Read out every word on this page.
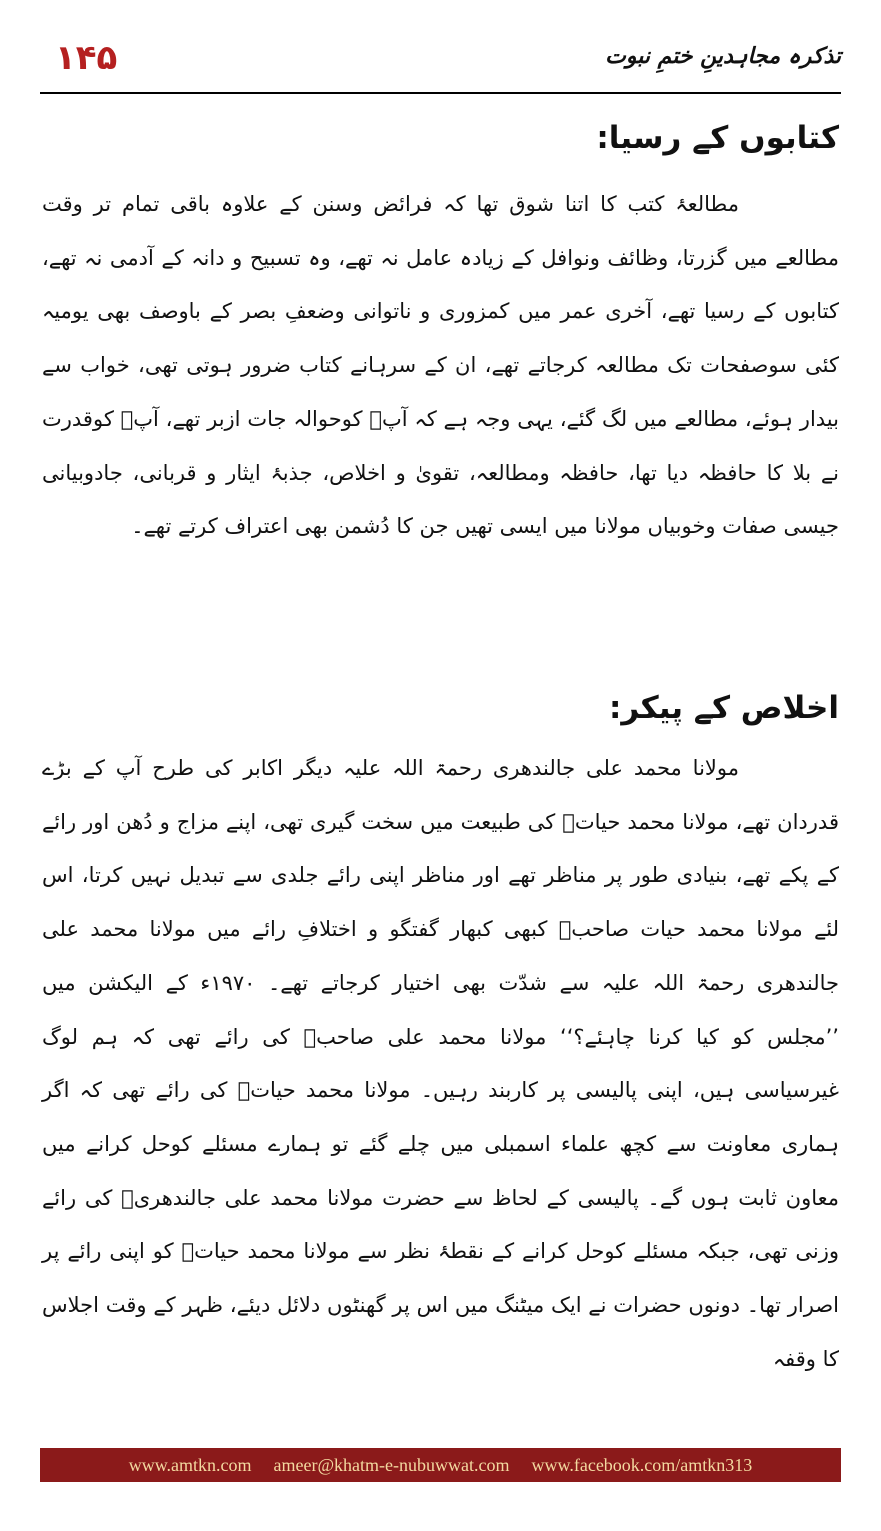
١۴۵	تذکرہ مجاہدینِ ختمِ نبوت
کتابوں کے رسیا:
مطالعۂ کتب کا اتنا شوق تھا کہ فرائض وسنن کے علاوہ باقی تمام تر وقت مطالعے میں گزرتا، وظائف ونوافل کے زیادہ عامل نہ تھے، وہ تسبیح و دانہ کے آدمی نہ تھے، کتابوں کے رسیا تھے، آخری عمر میں کمزوری و ناتوانی وضعفِ بصر کے باوصف بھی یومیہ کئی سوصفحات تک مطالعہ کرجاتے تھے، ان کے سرہانے کتاب ضرور ہوتی تھی، خواب سے بیدار ہوئے، مطالعے میں لگ گئے، یہی وجہ ہے کہ آپؒ کوحوالہ جات ازبر تھے، آپؒ کوقدرت نے بلا کا حافظہ دیا تھا، حافظہ ومطالعہ، تقویٰ و اخلاص، جذبۂ ایثار و قربانی، جادوبیانی جیسی صفات وخوبیاں مولانا میں ایسی تھیں جن کا دُشمن بھی اعتراف کرتے تھے۔
اخلاص کے پیکر:
مولانا محمد علی جالندھری رحمۃ اللہ علیہ دیگر اکابر کی طرح آپ کے بڑے قدردان تھے، مولانا محمد حیاتؒ کی طبیعت میں سخت گیری تھی، اپنے مزاج و دُھن اور رائے کے پکے تھے، بنیادی طور پر مناظر تھے اور مناظر اپنی رائے جلدی سے تبدیل نہیں کرتا، اس لئے مولانا محمد حیات صاحبؒ کبھی کبھار گفتگو و اختلافِ رائے میں مولانا محمد علی جالندھری رحمۃ اللہ علیہ سے شدّت بھی اختیار کرجاتے تھے۔ ۱۹۷۰ء کے الیکشن میں ’’مجلس کو کیا کرنا چاہئے؟‘‘ مولانا محمد علی صاحبؒ کی رائے تھی کہ ہم لوگ غیرسیاسی ہیں، اپنی پالیسی پر کاربند رہیں۔ مولانا محمد حیاتؒ کی رائے تھی کہ اگر ہماری معاونت سے کچھ علماء اسمبلی میں چلے گئے تو ہمارے مسئلے کوحل کرانے میں معاون ثابت ہوں گے۔ پالیسی کے لحاظ سے حضرت مولانا محمد علی جالندھریؒ کی رائے وزنی تھی، جبکہ مسئلے کوحل کرانے کے نقطۂ نظر سے مولانا محمد حیاتؒ کو اپنی رائے پر اصرار تھا۔ دونوں حضرات نے ایک میٹنگ میں اس پر گھنٹوں دلائل دیئے، ظہر کے وقت اجلاس کا وقفہ
www.amtkn.com ameer@khatm-e-nubuwwat.com www.facebook.com/amtkn313
